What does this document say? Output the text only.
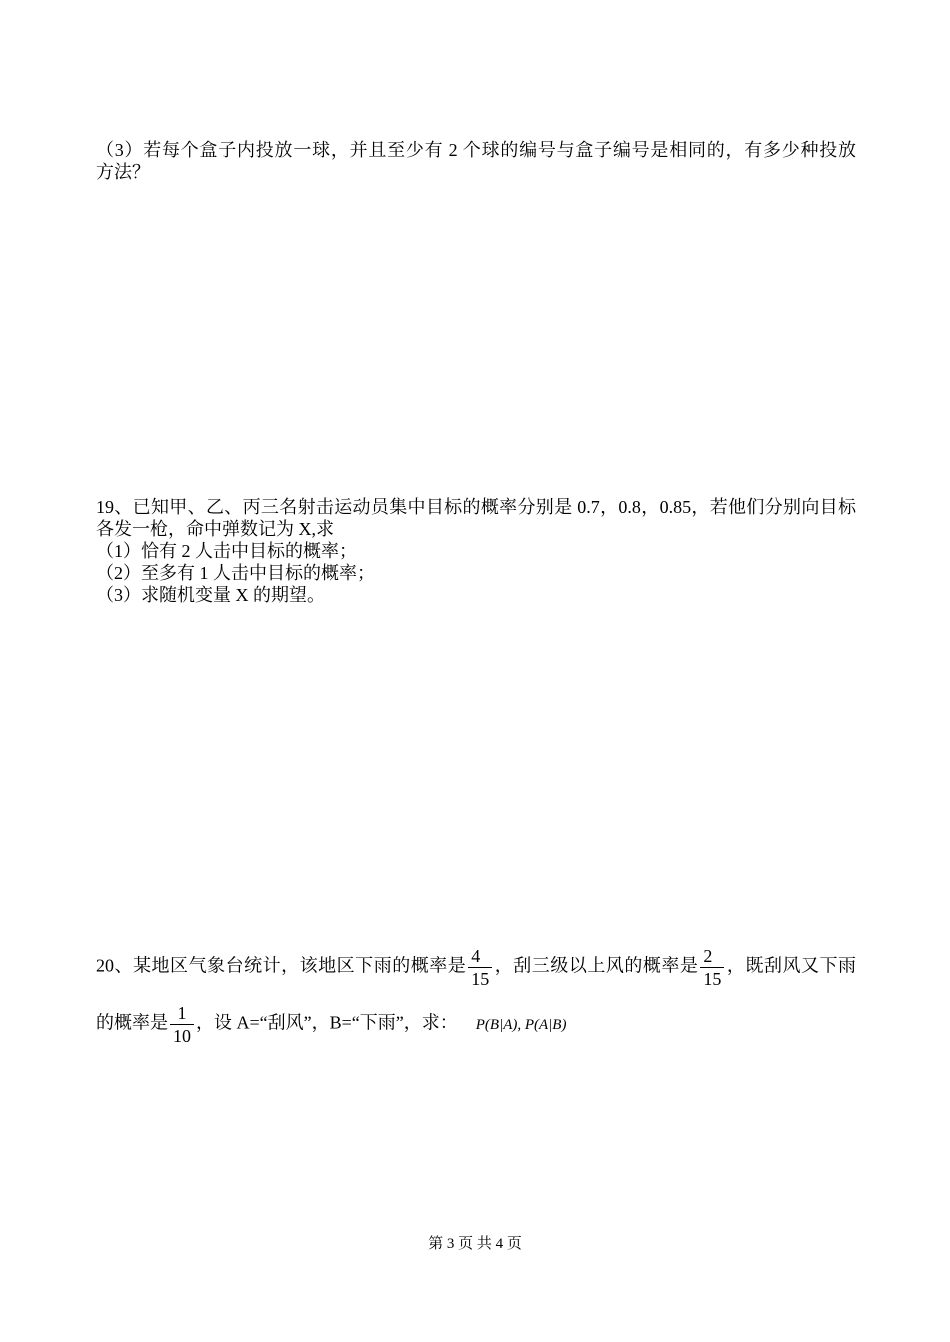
（3）若每个盒子内投放一球，并且至少有 2 个球的编号与盒子编号是相同的，有多少种投放
方法？
19、已知甲、乙、丙三名射击运动员集中目标的概率分别是 0.7，0.8，0.85，若他们分别向目标
各发一枪，命中弹数记为 X,求
（1）恰有 2 人击中目标的概率；
（2）至多有 1 人击中目标的概率；
（3）求随机变量 X 的期望。
20、某地区气象台统计，该地区下雨的概率是 $\frac{4}{15}$ ，刮三级以上风的概率是 $\frac{2}{15}$ ，既刮风又下雨
的概率是 $\frac{1}{10}$ ，设 A=“刮风”，B=“下雨”，求： P(B|A), P(A|B)
第 3 页 共 4 页
